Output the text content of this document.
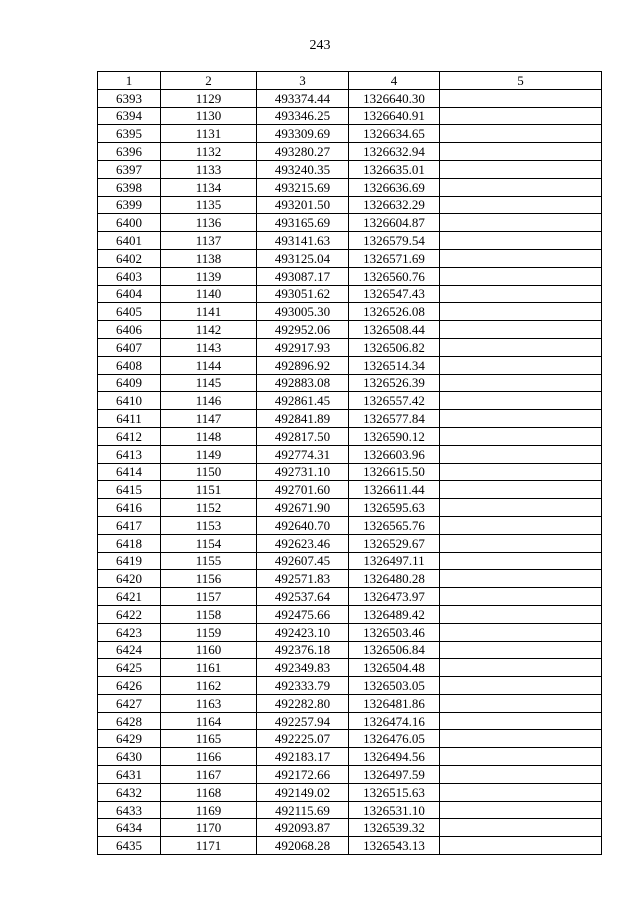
243
1	2	3	4	5
6393	1129	493374.44	1326640.30	
6394	1130	493346.25	1326640.91	
6395	1131	493309.69	1326634.65	
6396	1132	493280.27	1326632.94	
6397	1133	493240.35	1326635.01	
6398	1134	493215.69	1326636.69	
6399	1135	493201.50	1326632.29	
6400	1136	493165.69	1326604.87	
6401	1137	493141.63	1326579.54	
6402	1138	493125.04	1326571.69	
6403	1139	493087.17	1326560.76	
6404	1140	493051.62	1326547.43	
6405	1141	493005.30	1326526.08	
6406	1142	492952.06	1326508.44	
6407	1143	492917.93	1326506.82	
6408	1144	492896.92	1326514.34	
6409	1145	492883.08	1326526.39	
6410	1146	492861.45	1326557.42	
6411	1147	492841.89	1326577.84	
6412	1148	492817.50	1326590.12	
6413	1149	492774.31	1326603.96	
6414	1150	492731.10	1326615.50	
6415	1151	492701.60	1326611.44	
6416	1152	492671.90	1326595.63	
6417	1153	492640.70	1326565.76	
6418	1154	492623.46	1326529.67	
6419	1155	492607.45	1326497.11	
6420	1156	492571.83	1326480.28	
6421	1157	492537.64	1326473.97	
6422	1158	492475.66	1326489.42	
6423	1159	492423.10	1326503.46	
6424	1160	492376.18	1326506.84	
6425	1161	492349.83	1326504.48	
6426	1162	492333.79	1326503.05	
6427	1163	492282.80	1326481.86	
6428	1164	492257.94	1326474.16	
6429	1165	492225.07	1326476.05	
6430	1166	492183.17	1326494.56	
6431	1167	492172.66	1326497.59	
6432	1168	492149.02	1326515.63	
6433	1169	492115.69	1326531.10	
6434	1170	492093.87	1326539.32	
6435	1171	492068.28	1326543.13	
